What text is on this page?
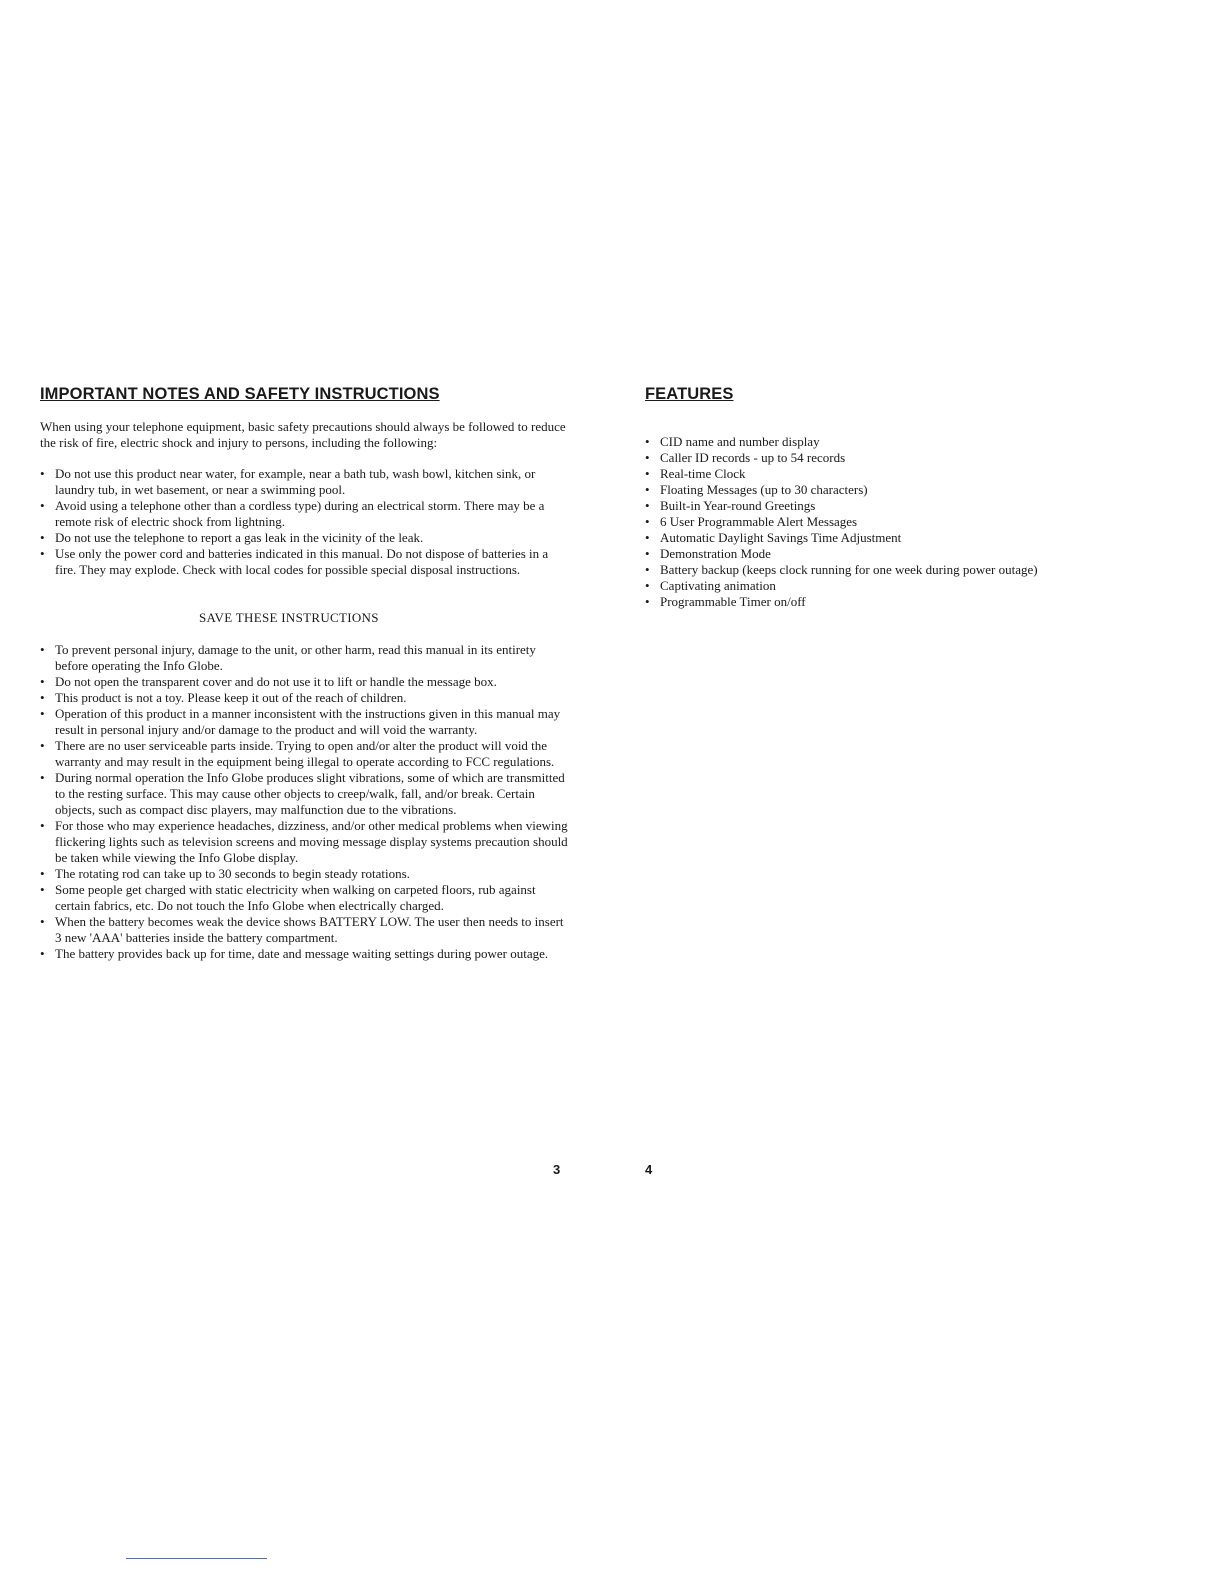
IMPORTANT NOTES AND SAFETY INSTRUCTIONS

When using your telephone equipment, basic safety precautions should always be followed to reduce the risk of fire, electric shock and injury to persons, including the following:

• Do not use this product near water, for example, near a bath tub, wash bowl, kitchen sink, or laundry tub, in wet basement, or near a swimming pool.
• Avoid using a telephone other than a cordless type) during an electrical storm. There may be a remote risk of electric shock from lightning.
• Do not use the telephone to report a gas leak in the vicinity of the leak.
• Use only the power cord and batteries indicated in this manual. Do not dispose of batteries in a fire. They may explode. Check with local codes for possible special disposal instructions.

SAVE THESE INSTRUCTIONS

• To prevent personal injury, damage to the unit, or other harm, read this manual in its entirety before operating the Info Globe.
• Do not open the transparent cover and do not use it to lift or handle the message box.
• This product is not a toy. Please keep it out of the reach of children.
• Operation of this product in a manner inconsistent with the instructions given in this manual may result in personal injury and/or damage to the product and will void the warranty.
• There are no user serviceable parts inside. Trying to open and/or alter the product will void the warranty and may result in the equipment being illegal to operate according to FCC regulations.
• During normal operation the Info Globe produces slight vibrations, some of which are transmitted to the resting surface. This may cause other objects to creep/walk, fall, and/or break. Certain objects, such as compact disc players, may malfunction due to the vibrations.
• For those who may experience headaches, dizziness, and/or other medical problems when viewing flickering lights such as television screens and moving message display systems precaution should be taken while viewing the Info Globe display.
• The rotating rod can take up to 30 seconds to begin steady rotations.
• Some people get charged with static electricity when walking on carpeted floors, rub against certain fabrics, etc. Do not touch the Info Globe when electrically charged.
• When the battery becomes weak the device shows BATTERY LOW. The user then needs to insert 3 new 'AAA' batteries inside the battery compartment.
• The battery provides back up for time, date and message waiting settings during power outage.
FEATURES
• CID name and number display
• Caller ID records - up to 54 records
• Real-time Clock
• Floating Messages (up to 30 characters)
• Built-in Year-round Greetings
• 6 User Programmable Alert Messages
• Automatic Daylight Savings Time Adjustment
• Demonstration Mode
• Battery backup (keeps clock running for one week during power outage)
• Captivating animation
• Programmable Timer on/off
3	4
